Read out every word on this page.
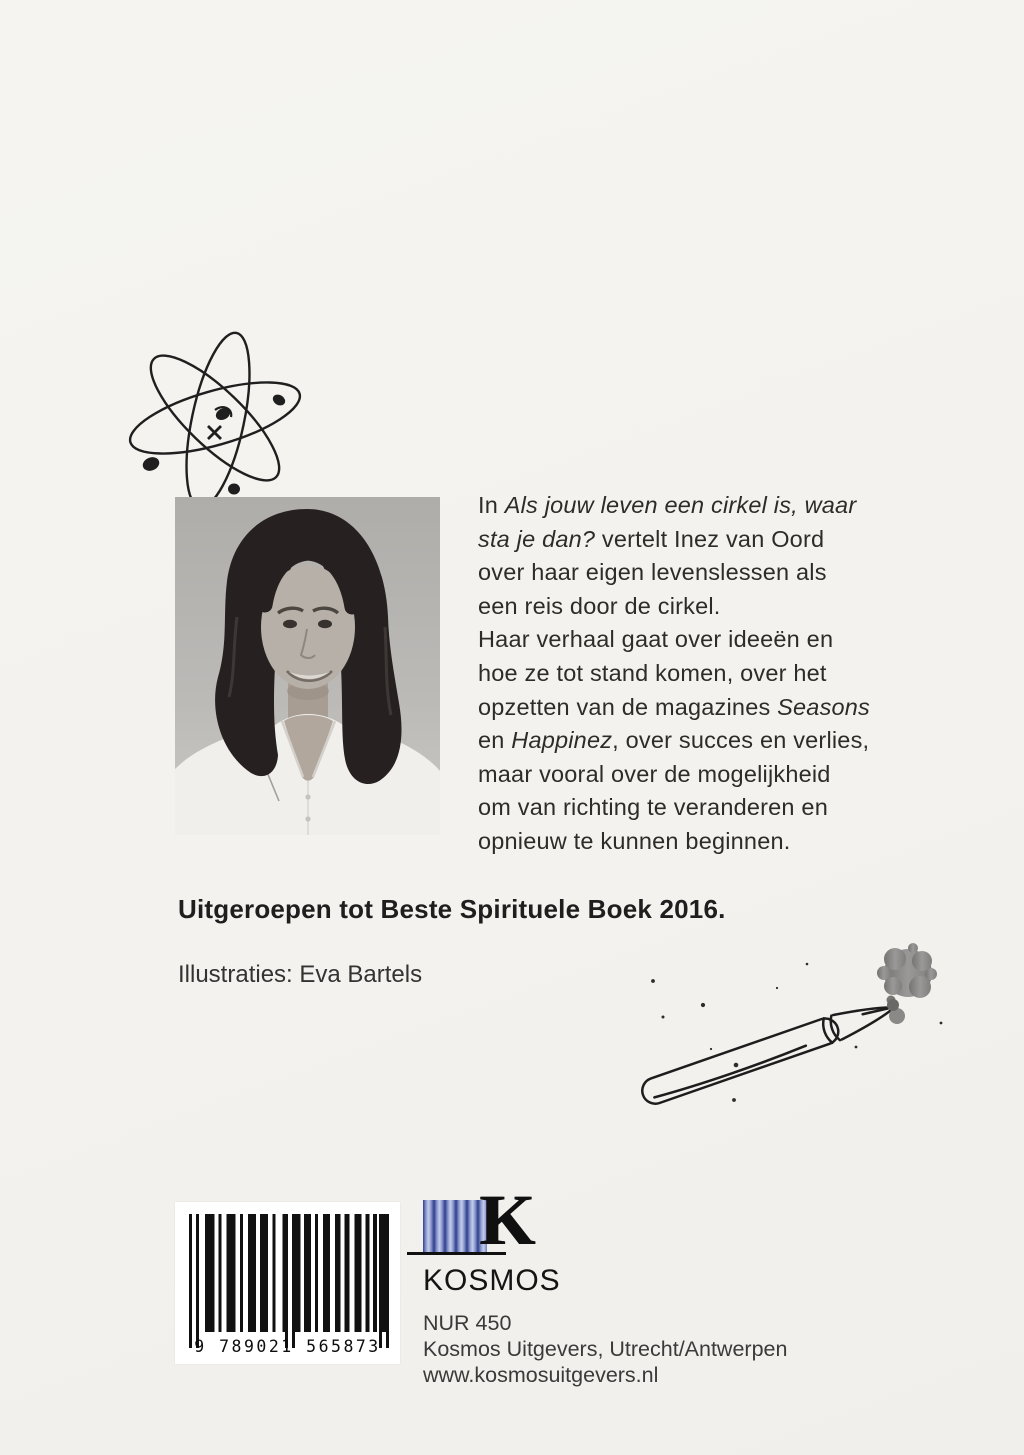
In Als jouw leven een cirkel is, waar
sta je dan? vertelt Inez van Oord
over haar eigen levenslessen als
een reis door de cirkel.
Haar verhaal gaat over ideeën en
hoe ze tot stand komen, over het
opzetten van de magazines Seasons
en Happinez, over succes en verlies,
maar vooral over de mogelijkheid
om van richting te veranderen en
opnieuw te kunnen beginnen.
Uitgeroepen tot Beste Spirituele Boek 2016.
Illustraties: Eva Bartels
9 789021 565873
K
KOSMOS
NUR 450
Kosmos Uitgevers, Utrecht/Antwerpen
www.kosmosuitgevers.nl
